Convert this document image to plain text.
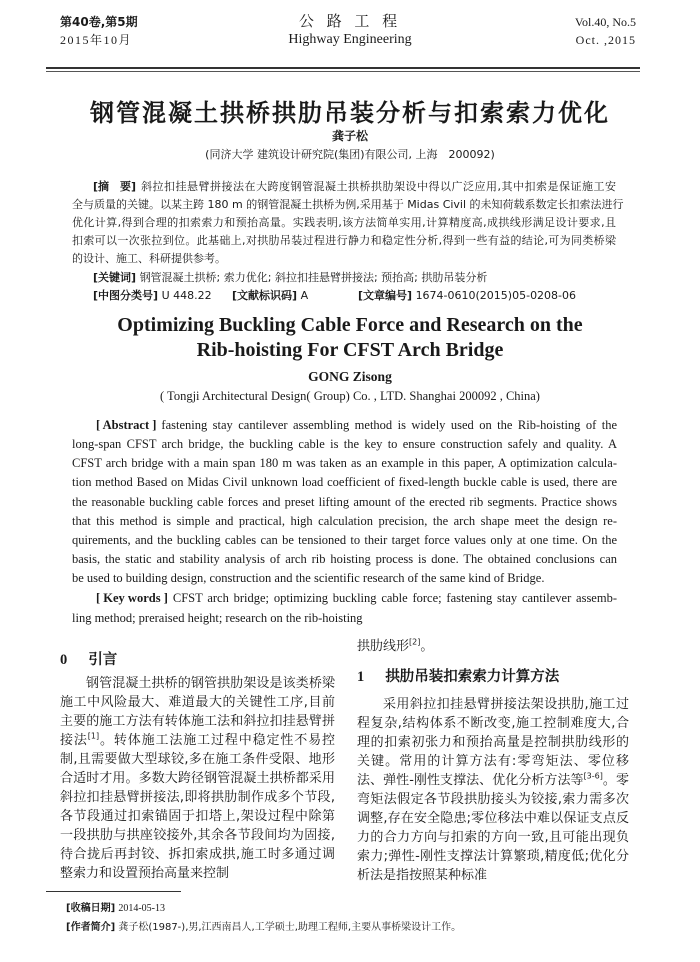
第40卷,第5期
2015年10月
公 路 工 程
Highway Engineering
Vol.40, No.5
Oct. ,2015
钢管混凝土拱桥拱肋吊装分析与扣索索力优化
龚子松
(同济大学 建筑设计研究院(集团)有限公司, 上海　200092)
[摘　要] 斜拉扣挂悬臂拼接法在大跨度钢管混凝土拱桥拱肋架设中得以广泛应用,其中扣索是保证施工安
全与质量的关键。以某主跨 180 m 的钢管混凝土拱桥为例,采用基于 Midas Civil 的未知荷载系数定长扣索法进行
优化计算,得到合理的扣索索力和预抬高量。实践表明,该方法简单实用,计算精度高,成拱线形满足设计要求,且
扣索可以一次张拉到位。此基础上,对拱肋吊装过程进行静力和稳定性分析,得到一些有益的结论,可为同类桥梁
的设计、施工、科研提供参考。
[关键词] 钢管混凝土拱桥; 索力优化; 斜拉扣挂悬臂拼接法; 预抬高; 拱肋吊装分析
[中图分类号] U 448.22 [文献标识码] A	[文章编号] 1674-0610(2015)05-0208-06
Optimizing Buckling Cable Force and Research on the
Rib-hoisting For CFST Arch Bridge
GONG Zisong
( Tongji Architectural Design( Group) Co. , LTD. Shanghai 200092 , China)
[ Abstract ] fastening stay cantilever assembling method is widely used on the Rib-hoisting of the
long-span CFST arch bridge, the buckling cable is the key to ensure construction safely and quality. A
CFST arch bridge with a main span 180 m was taken as an example in this paper, A optimization calcula-
tion method Based on Midas Civil unknown load coefficient of fixed-length buckle cable is used, there are
the reasonable buckling cable forces and preset lifting amount of the erected rib segments. Practice shows
that this method is simple and practical, high calculation precision, the arch shape meet the design re-
quirements, and the buckling cables can be tensioned to their target force values only at one time. On the
basis, the static and stability analysis of arch rib hoisting process is done. The obtained conclusions can
be used to building design, construction and the scientific research of the same kind of Bridge.
[ Key words ] CFST arch bridge; optimizing buckling cable force; fastening stay cantilever assemb-
ling method; preraised height; research on the rib-hoisting
0 引言
钢管混凝土拱桥的钢管拱肋架设是该类桥梁施工中风险最大、难道最大的关键性工序,目前主要的施工方法有转体施工法和斜拉扣挂悬臂拼接法[1]。转体施工法施工过程中稳定性不易控制,且需要做大型球铰,多在施工条件受限、地形合适时才用。多数大跨径钢管混凝土拱桥都采用斜拉扣挂悬臂拼接法,即将拱肋制作成多个节段,各节段通过扣索锚固于扣塔上,架设过程中除第一段拱肋与拱座铰接外,其余各节段间均为固接,待合拢后再封铰、拆扣索成拱,施工时多通过调整索力和设置预抬高量来控制
拱肋线形[2]。
1 拱肋吊装扣索索力计算方法
采用斜拉扣挂悬臂拼接法架设拱肋,施工过程复杂,结构体系不断改变,施工控制难度大,合理的扣索初张力和预抬高量是控制拱肋线形的关键。常用的计算方法有:零弯矩法、零位移法、弹性-刚性支撑法、优化分析方法等[3-6]。零弯矩法假定各节段拱肋接头为铰接,索力需多次调整,存在安全隐患;零位移法中难以保证支点反力的合力方向与扣索的方向一致,且可能出现负索力;弹性-刚性支撑法计算繁琐,精度低;优化分析法是指按照某种标准
[收稿日期] 2014-05-13
[作者简介] 龚子松(1987-),男,江西南昌人,工学硕士,助理工程师,主要从事桥梁设计工作。
